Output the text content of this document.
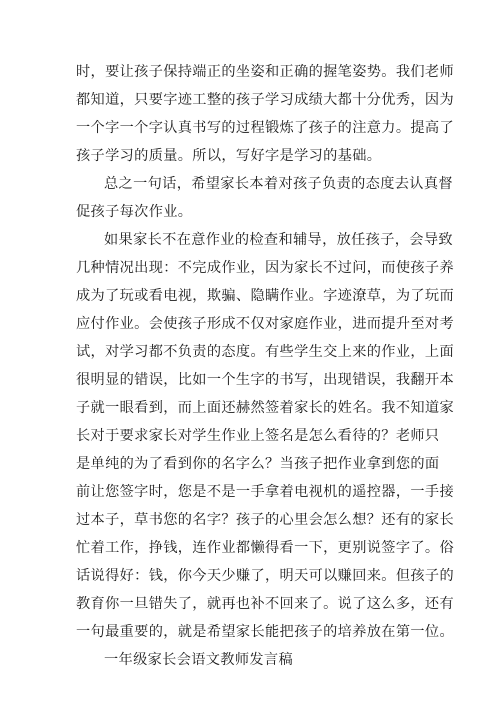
时，要让孩子保持端正的坐姿和正确的握笔姿势。我们老师
都知道，只要字迹工整的孩子学习成绩大都十分优秀，因为
一个字一个字认真书写的过程锻炼了孩子的注意力。提高了
孩子学习的质量。所以，写好字是学习的基础。
总之一句话，希望家长本着对孩子负责的态度去认真督
促孩子每次作业。
如果家长不在意作业的检查和辅导，放任孩子，会导致
几种情况出现：不完成作业，因为家长不过问，而使孩子养
成为了玩或看电视，欺骗、隐瞒作业。字迹潦草，为了玩而
应付作业。会使孩子形成不仅对家庭作业，进而提升至对考
试，对学习都不负责的态度。有些学生交上来的作业，上面
很明显的错误，比如一个生字的书写，出现错误，我翻开本
子就一眼看到，而上面还赫然签着家长的姓名。我不知道家
长对于要求家长对学生作业上签名是怎么看待的？老师只
是单纯的为了看到你的名字么？当孩子把作业拿到您的面
前让您签字时，您是不是一手拿着电视机的遥控器，一手接
过本子，草书您的名字？孩子的心里会怎么想？还有的家长
忙着工作，挣钱，连作业都懒得看一下，更别说签字了。俗
话说得好：钱，你今天少赚了，明天可以赚回来。但孩子的
教育你一旦错失了，就再也补不回来了。说了这么多，还有
一句最重要的，就是希望家长能把孩子的培养放在第一位。
一年级家长会语文教师发言稿
